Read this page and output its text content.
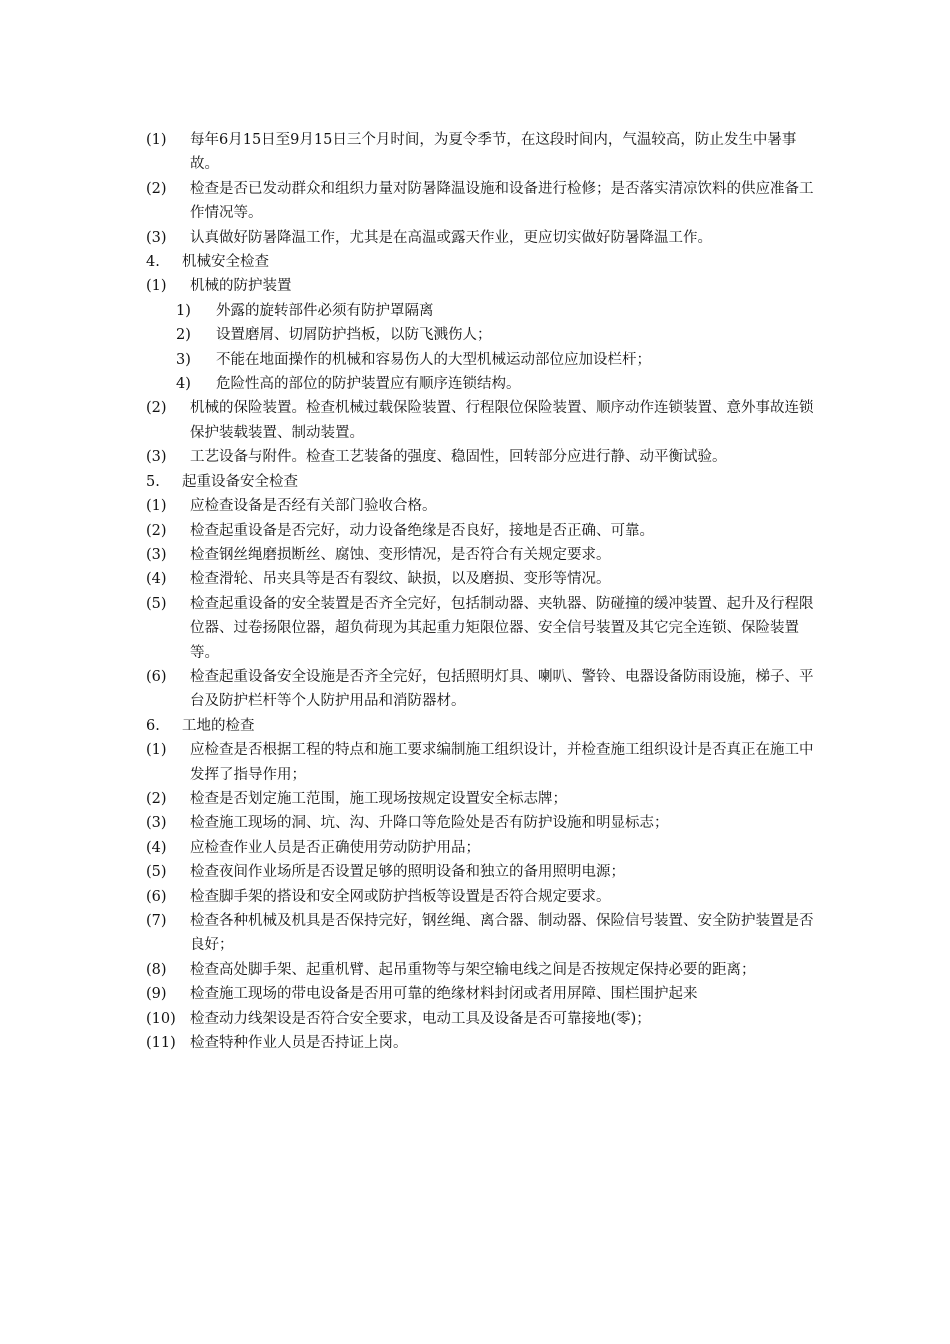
(1) 每年6月15日至9月15日三个月时间，为夏令季节，在这段时间内，气温较高，防止发生中暑事故。
(2) 检查是否已发动群众和组织力量对防暑降温设施和设备进行检修；是否落实清凉饮料的供应准备工作情况等。
(3) 认真做好防暑降温工作，尤其是在高温或露天作业，更应切实做好防暑降温工作。
4. 机械安全检查
(1) 机械的防护装置
1) 外露的旋转部件必须有防护罩隔离
2) 设置磨屑、切屑防护挡板，以防飞溅伤人；
3) 不能在地面操作的机械和容易伤人的大型机械运动部位应加设栏杆；
4) 危险性高的部位的防护装置应有顺序连锁结构。
(2) 机械的保险装置。检查机械过载保险装置、行程限位保险装置、顺序动作连锁装置、意外事故连锁保护装载装置、制动装置。
(3) 工艺设备与附件。检查工艺装备的强度、稳固性，回转部分应进行静、动平衡试验。
5. 起重设备安全检查
(1) 应检查设备是否经有关部门验收合格。
(2) 检查起重设备是否完好，动力设备绝缘是否良好，接地是否正确、可靠。
(3) 检查钢丝绳磨损断丝、腐蚀、变形情况，是否符合有关规定要求。
(4) 检查滑轮、吊夹具等是否有裂纹、缺损，以及磨损、变形等情况。
(5) 检查起重设备的安全装置是否齐全完好，包括制动器、夹轨器、防碰撞的缓冲装置、起升及行程限位器、过卷扬限位器，超负荷现为其起重力矩限位器、安全信号装置及其它完全连锁、保险装置等。
(6) 检查起重设备安全设施是否齐全完好，包括照明灯具、喇叭、警铃、电器设备防雨设施，梯子、平台及防护栏杆等个人防护用品和消防器材。
6. 工地的检查
(1) 应检查是否根据工程的特点和施工要求编制施工组织设计，并检查施工组织设计是否真正在施工中发挥了指导作用；
(2) 检查是否划定施工范围，施工现场按规定设置安全标志牌；
(3) 检查施工现场的洞、坑、沟、升降口等危险处是否有防护设施和明显标志；
(4) 应检查作业人员是否正确使用劳动防护用品；
(5) 检查夜间作业场所是否设置足够的照明设备和独立的备用照明电源；
(6) 检查脚手架的搭设和安全网或防护挡板等设置是否符合规定要求。
(7) 检查各种机械及机具是否保持完好，钢丝绳、离合器、制动器、保险信号装置、安全防护装置是否良好；
(8) 检查高处脚手架、起重机臂、起吊重物等与架空输电线之间是否按规定保持必要的距离；
(9) 检查施工现场的带电设备是否用可靠的绝缘材料封闭或者用屏障、围栏围护起来
(10) 检查动力线架设是否符合安全要求，电动工具及设备是否可靠接地(零)；
(11) 检查特种作业人员是否持证上岗。
